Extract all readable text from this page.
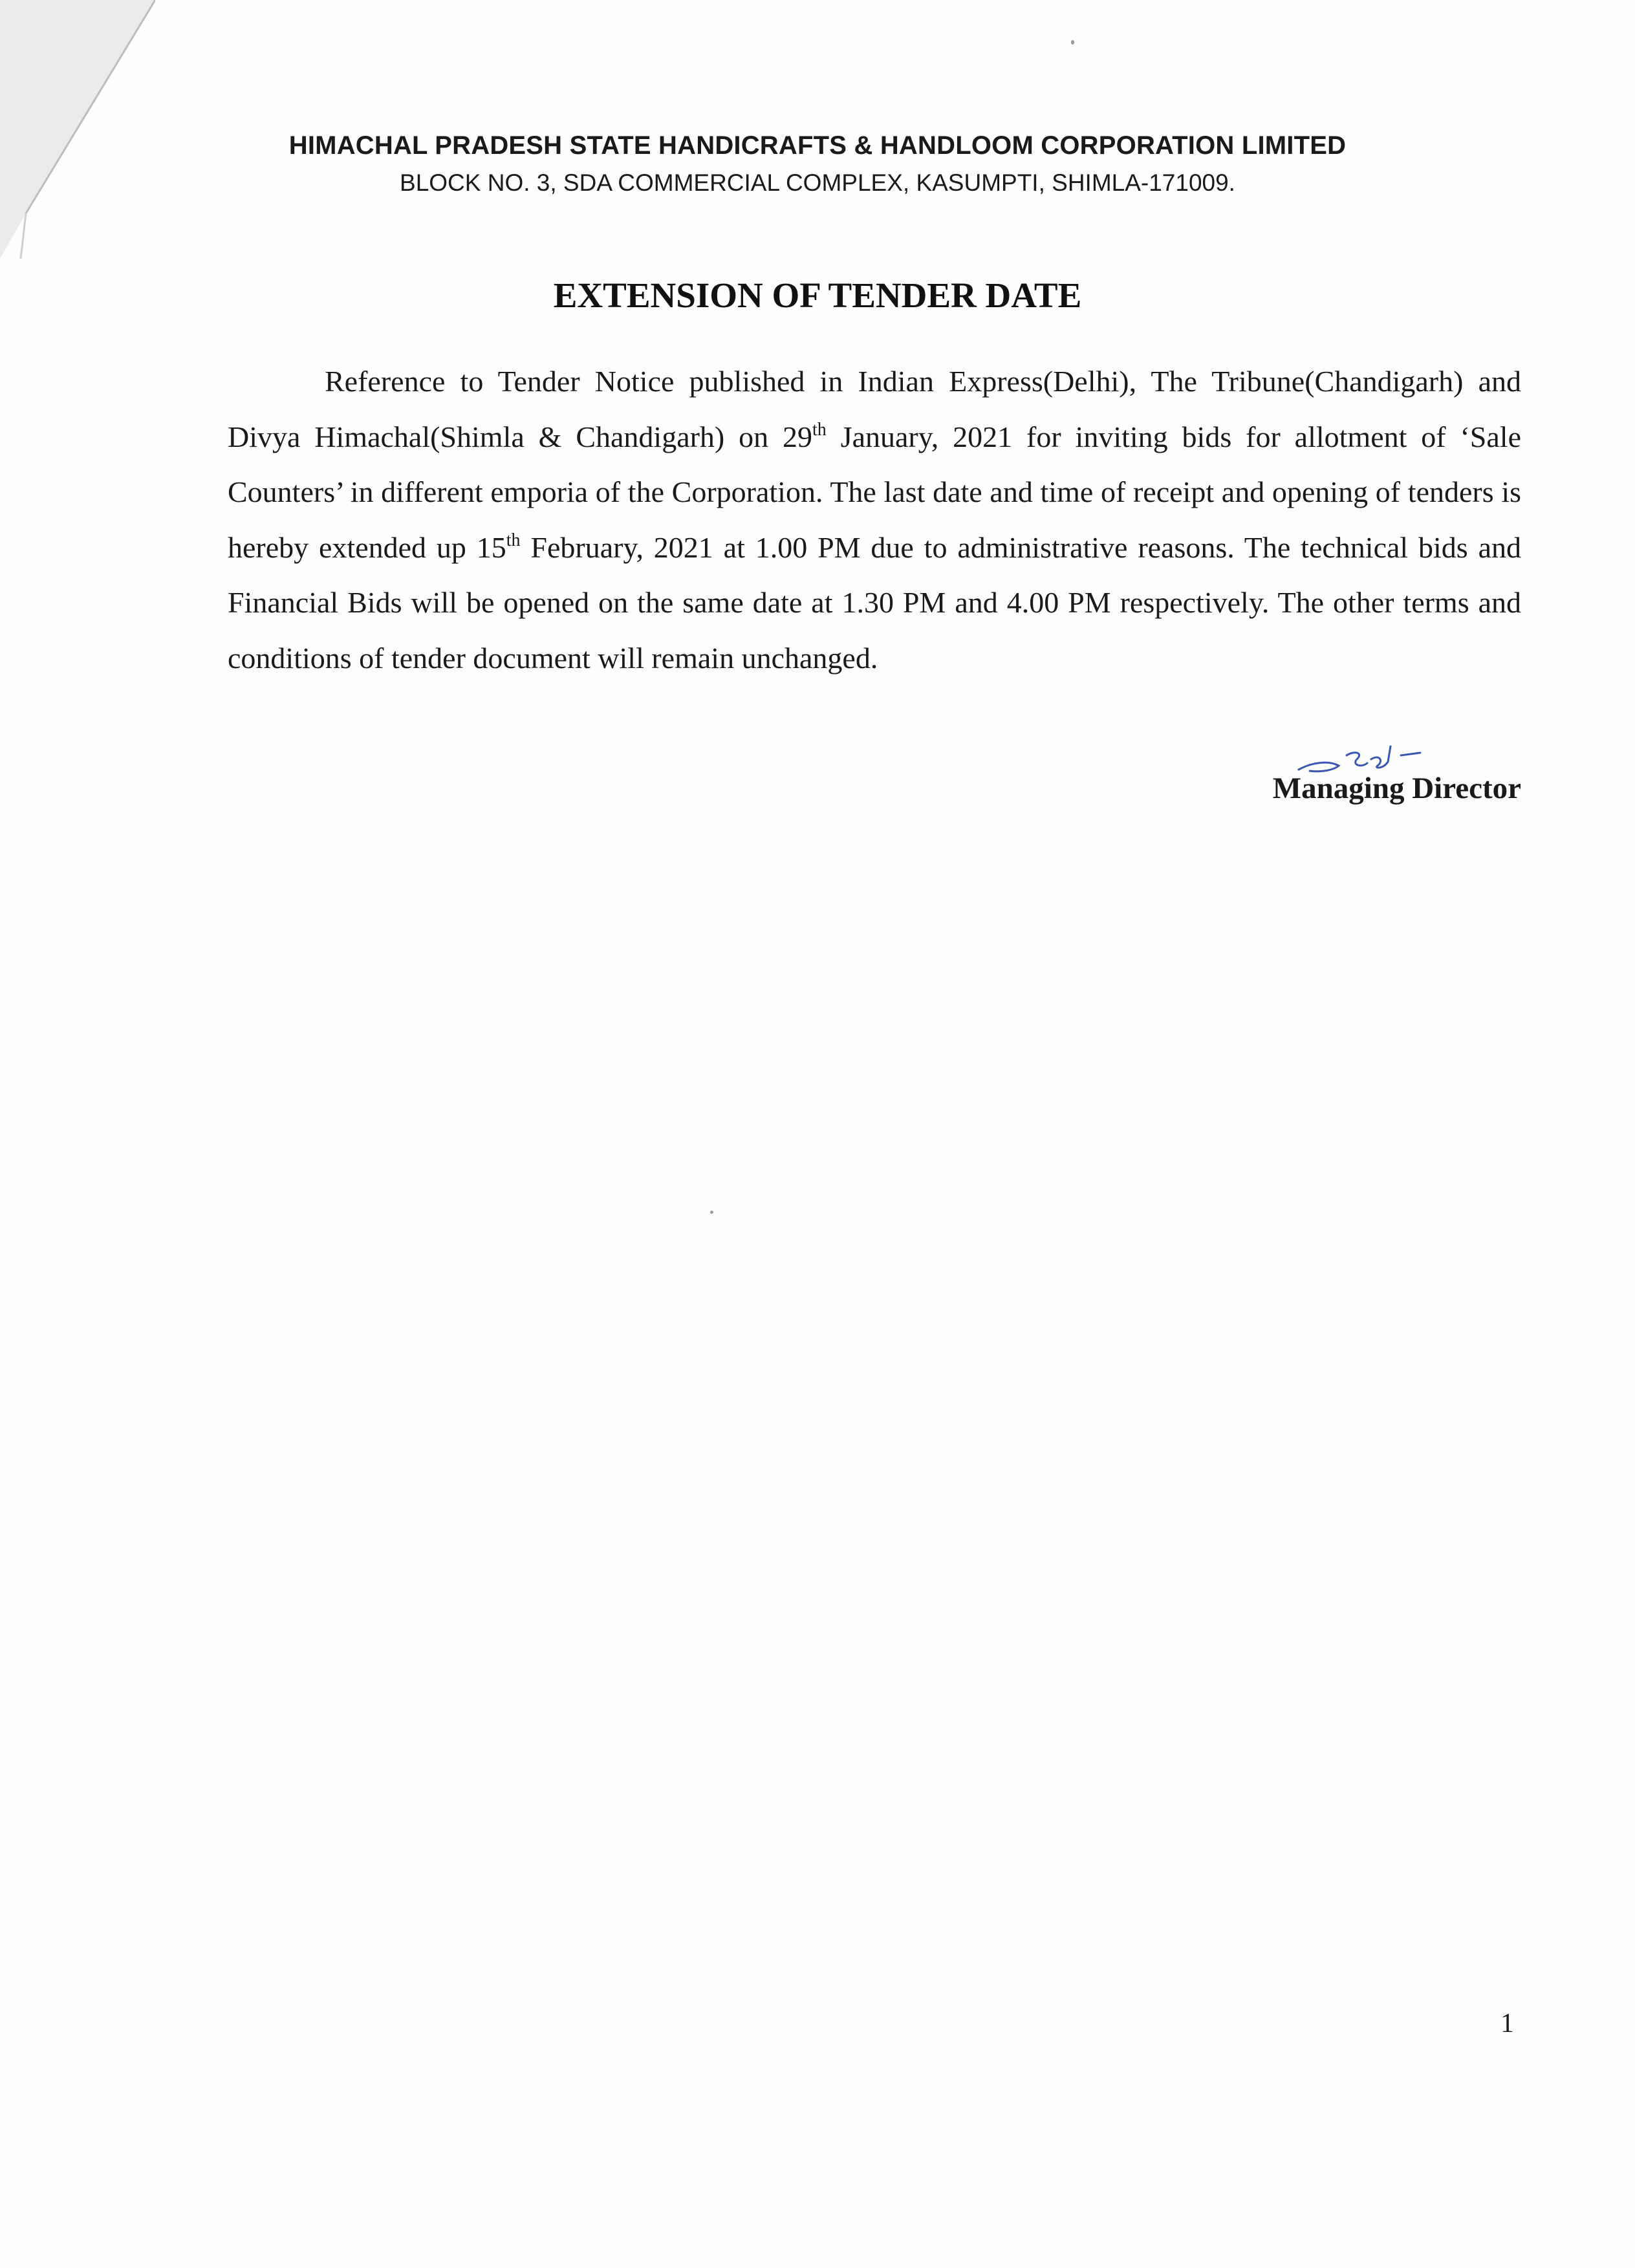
HIMACHAL PRADESH STATE HANDICRAFTS & HANDLOOM CORPORATION LIMITED
BLOCK NO. 3, SDA COMMERCIAL COMPLEX, KASUMPTI, SHIMLA-171009.
EXTENSION OF TENDER DATE

Reference to Tender Notice published in Indian Express(Delhi), The Tribune(Chandigarh) and Divya Himachal(Shimla & Chandigarh) on 29th January, 2021 for inviting bids for allotment of ‘Sale Counters’ in different emporia of the Corporation. The last date and time of receipt and opening of tenders is hereby extended up 15th February, 2021 at 1.00 PM due to administrative reasons. The technical bids and Financial Bids will be opened on the same date at 1.30 PM and 4.00 PM respectively. The other terms and conditions of tender document will remain unchanged.

Managing Director
1
